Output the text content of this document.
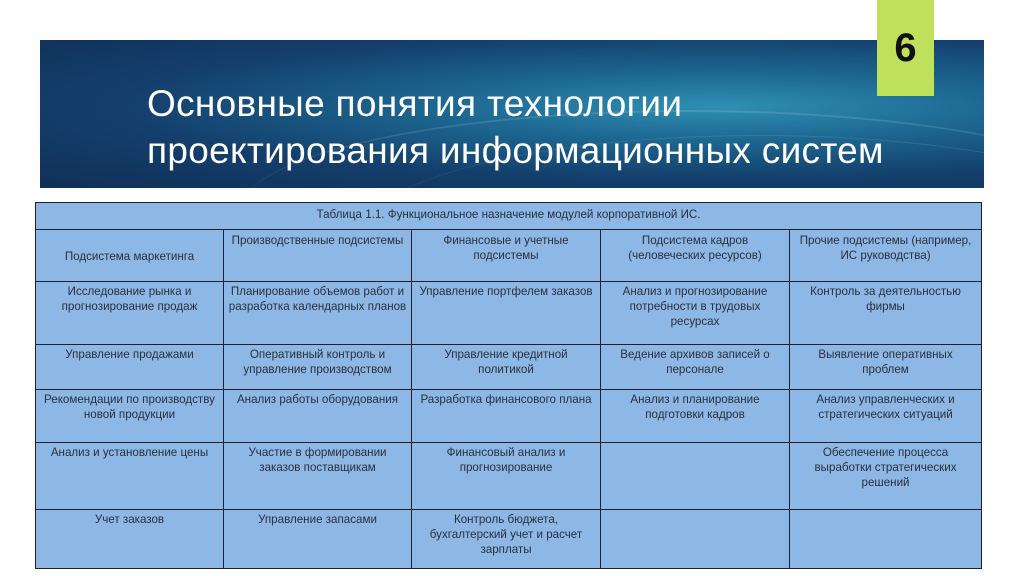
Основные понятия технологии проектирования информационных систем
6
Таблица 1.1. Функциональное назначение модулей корпоративной ИС.				
Подсистема маркетинга	Производственные подсистемы	Финансовые и учетные подсистемы	Подсистема кадров (человеческих ресурсов)	Прочие подсистемы (например, ИС руководства)
Исследование рынка и прогнозирование продаж	Планирование объемов работ и разработка календарных планов	Управление портфелем заказов	Анализ и прогнозирование потребности в трудовых ресурсах	Контроль за деятельностью фирмы
Управление продажами	Оперативный контроль и управление производством	Управление кредитной политикой	Ведение архивов записей о персонале	Выявление оперативных проблем
Рекомендации по производству новой продукции	Анализ работы оборудования	Разработка финансового плана	Анализ и планирование подготовки кадров	Анализ управленческих и стратегических ситуаций
Анализ и установление цены	Участие в формировании заказов поставщикам	Финансовый анализ и прогнозирование		Обеспечение процесса выработки стратегических решений
Учет заказов	Управление запасами	Контроль бюджета, бухгалтерский учет и расчет зарплаты		
